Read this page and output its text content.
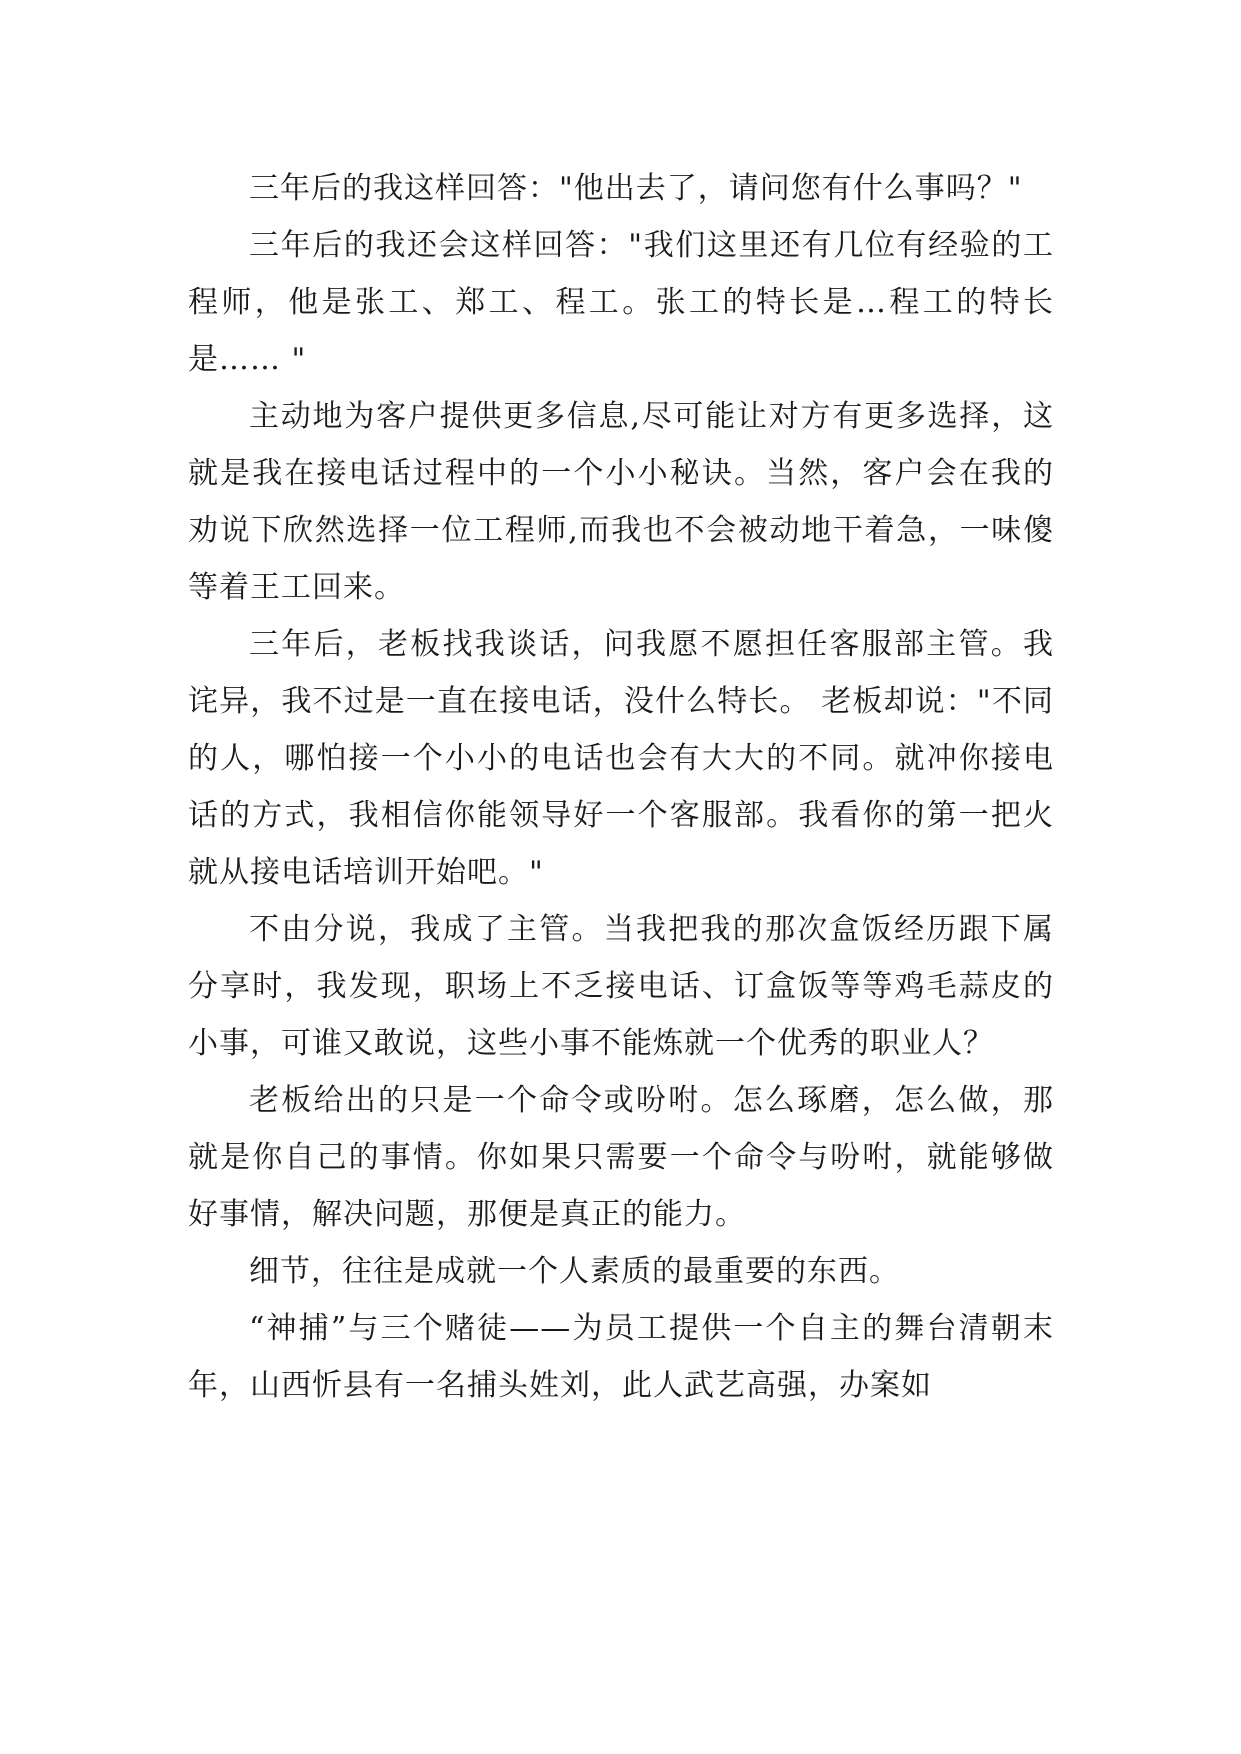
三年后的我这样回答："他出去了，请问您有什么事吗？"

三年后的我还会这样回答："我们这里还有几位有经验的工程师，他是张工、郑工、程工。张工的特长是…程工的特长是…… "

主动地为客户提供更多信息,尽可能让对方有更多选择，这就是我在接电话过程中的一个小小秘诀。当然，客户会在我的劝说下欣然选择一位工程师,而我也不会被动地干着急，一味傻等着王工回来。

三年后，老板找我谈话，问我愿不愿担任客服部主管。我诧异，我不过是一直在接电话，没什么特长。 老板却说："不同的人，哪怕接一个小小的电话也会有大大的不同。就冲你接电话的方式，我相信你能领导好一个客服部。我看你的第一把火就从接电话培训开始吧。"

不由分说，我成了主管。当我把我的那次盒饭经历跟下属分享时，我发现，职场上不乏接电话、订盒饭等等鸡毛蒜皮的小事，可谁又敢说，这些小事不能炼就一个优秀的职业人？

老板给出的只是一个命令或吩咐。怎么琢磨，怎么做，那就是你自己的事情。你如果只需要一个命令与吩咐，就能够做好事情，解决问题，那便是真正的能力。

细节，往往是成就一个人素质的最重要的东西。

“神捕”与三个赌徒——为员工提供一个自主的舞台清朝末年，山西忻县有一名捕头姓刘，此人武艺高强，办案如
